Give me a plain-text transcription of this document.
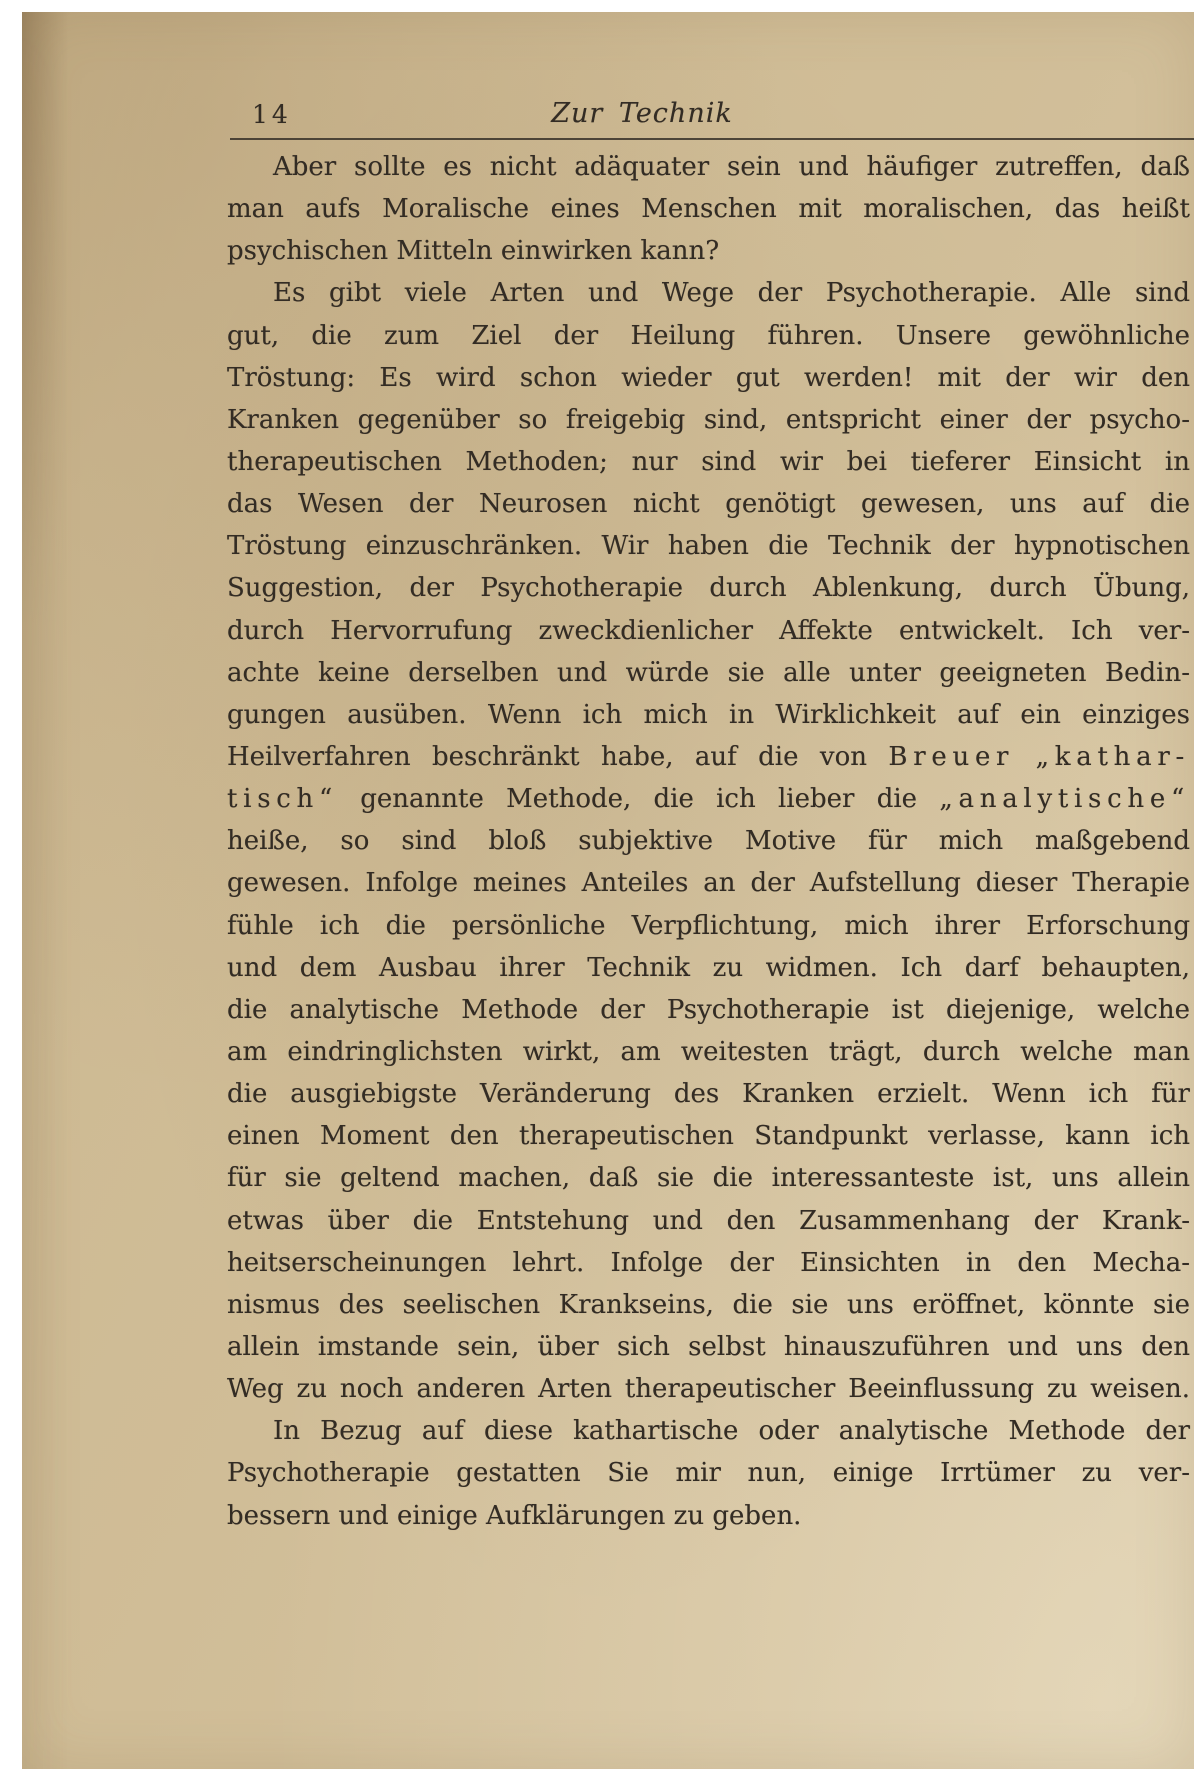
14	Zur Technik
Aber sollte es nicht adäquater sein und häufiger zutreffen, daß
man aufs Moralische eines Menschen mit moralischen, das heißt
psychischen Mitteln einwirken kann?
Es gibt viele Arten und Wege der Psychotherapie. Alle sind
gut, die zum Ziel der Heilung führen. Unsere gewöhnliche
Tröstung: Es wird schon wieder gut werden! mit der wir den
Kranken gegenüber so freigebig sind, entspricht einer der psycho-
therapeutischen Methoden; nur sind wir bei tieferer Einsicht in
das Wesen der Neurosen nicht genötigt gewesen, uns auf die
Tröstung einzuschränken. Wir haben die Technik der hypnotischen
Suggestion, der Psychotherapie durch Ablenkung, durch Übung,
durch Hervorrufung zweckdienlicher Affekte entwickelt. Ich ver-
achte keine derselben und würde sie alle unter geeigneten Bedin-
gungen ausüben. Wenn ich mich in Wirklichkeit auf ein einziges
Heilverfahren beschränkt habe, auf die von Breuer „kathar-
tisch“ genannte Methode, die ich lieber die „analytische“
heiße, so sind bloß subjektive Motive für mich maßgebend
gewesen. Infolge meines Anteiles an der Aufstellung dieser Therapie
fühle ich die persönliche Verpflichtung, mich ihrer Erforschung
und dem Ausbau ihrer Technik zu widmen. Ich darf behaupten,
die analytische Methode der Psychotherapie ist diejenige, welche
am eindringlichsten wirkt, am weitesten trägt, durch welche man
die ausgiebigste Veränderung des Kranken erzielt. Wenn ich für
einen Moment den therapeutischen Standpunkt verlasse, kann ich
für sie geltend machen, daß sie die interessanteste ist, uns allein
etwas über die Entstehung und den Zusammenhang der Krank-
heitserscheinungen lehrt. Infolge der Einsichten in den Mecha-
nismus des seelischen Krankseins, die sie uns eröffnet, könnte sie
allein imstande sein, über sich selbst hinauszuführen und uns den
Weg zu noch anderen Arten therapeutischer Beeinflussung zu weisen.
In Bezug auf diese kathartische oder analytische Methode der
Psychotherapie gestatten Sie mir nun, einige Irrtümer zu ver-
bessern und einige Aufklärungen zu geben.
